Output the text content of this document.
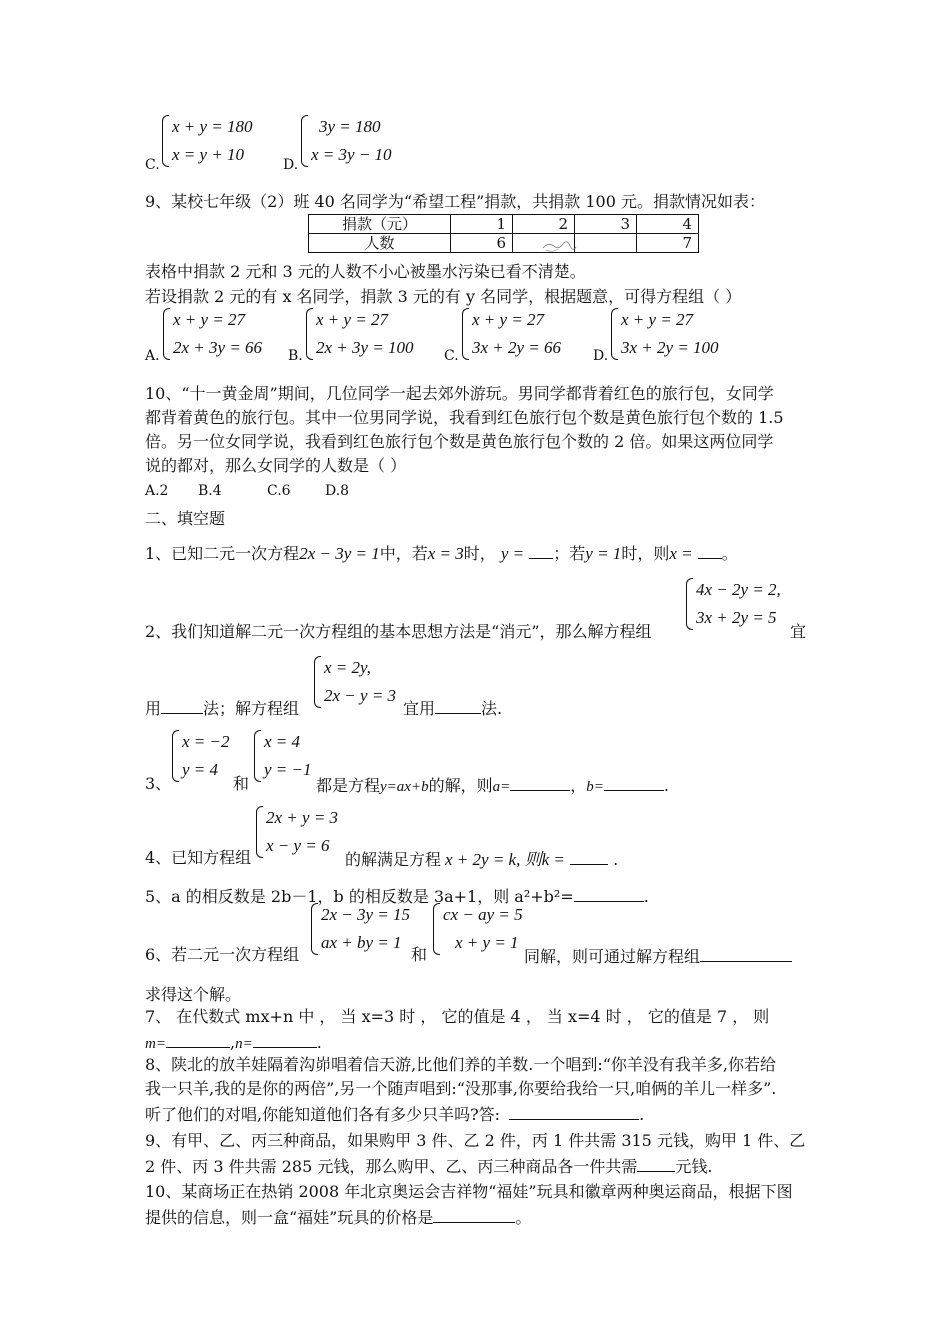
C.
x + y = 180
x = y + 10
D.
3y = 180
x = 3y − 10
9、某校七年级（2）班 40 名同学为“希望工程”捐款，共捐款 100 元。捐款情况如表：
捐款（元）	1	2	3	4
人数	6			7
表格中捐款 2 元和 3 元的人数不小心被墨水污染已看不清楚。
若设捐款 2 元的有 x 名同学，捐款 3 元的有 y 名同学，根据题意，可得方程组（ ）
A.
x + y = 27
2x + 3y = 66 B.
x + y = 27
2x + 3y = 100 C.
x + y = 27
3x + 2y = 66 D.
x + y = 27
3x + 2y = 100
10、“十一黄金周”期间，几位同学一起去郊外游玩。男同学都背着红色的旅行包，女同学
都背着黄色的旅行包。其中一位男同学说，我看到红色旅行包个数是黄色旅行包个数的 1.5
倍。另一位女同学说，我看到红色旅行包个数是黄色旅行包个数的 2 倍。如果这两位同学
说的都对，那么女同学的人数是（ ）
A.2 B.4	C.6 D.8
二、填空题
1、已知二元一次方程2x − 3y = 1中，若x = 3时， y = ；若y = 1时，则x = 。
2、我们知道解二元一次方程组的基本思想方法是“消元”，那么解方程组
4x − 2y = 2,
3x + 2y = 5
宜
用	法；解方程组
x = 2y,
2x − y = 3
宜用	法.
3、
x = −2
y = 4
和
x = 4
y = −1
都是方程y=ax+b的解，则a=	，b=	.
4、已知方程组
2x + y = 3
x − y = 6
的解满足方程 x + 2y = k, 则k =	.
5、a 的相反数是 2b－1，b 的相反数是 3a+1，则 a²+b²=	.
6、若二元一次方程组
2x − 3y = 15
ax + by = 1
和
cx − ay = 5
x + y = 1
同解，则可通过解方程组
求得这个解。
7、 在代数式 mx+n 中 ， 当 x=3 时 ， 它的值是 4 ， 当 x=4 时 ， 它的值是 7 ， 则
m=	,n=	.
8、陕北的放羊娃隔着沟峁唱着信天游,比他们养的羊数.一个唱到:“你羊没有我羊多,你若给
我一只羊,我的是你的两倍”,另一个随声唱到:“没那事,你要给我给一只,咱俩的羊儿一样多”.
听了他们的对唱,你能知道他们各有多少只羊吗?答:	.
9、有甲、乙、丙三种商品，如果购甲 3 件、乙 2 件，丙 1 件共需 315 元钱，购甲 1 件、乙
2 件、丙 3 件共需 285 元钱，那么购甲、乙、丙三种商品各一件共需 元钱.
10、某商场正在热销 2008 年北京奥运会吉祥物“福娃”玩具和徽章两种奥运商品，根据下图
提供的信息，则一盒“福娃”玩具的价格是	。
